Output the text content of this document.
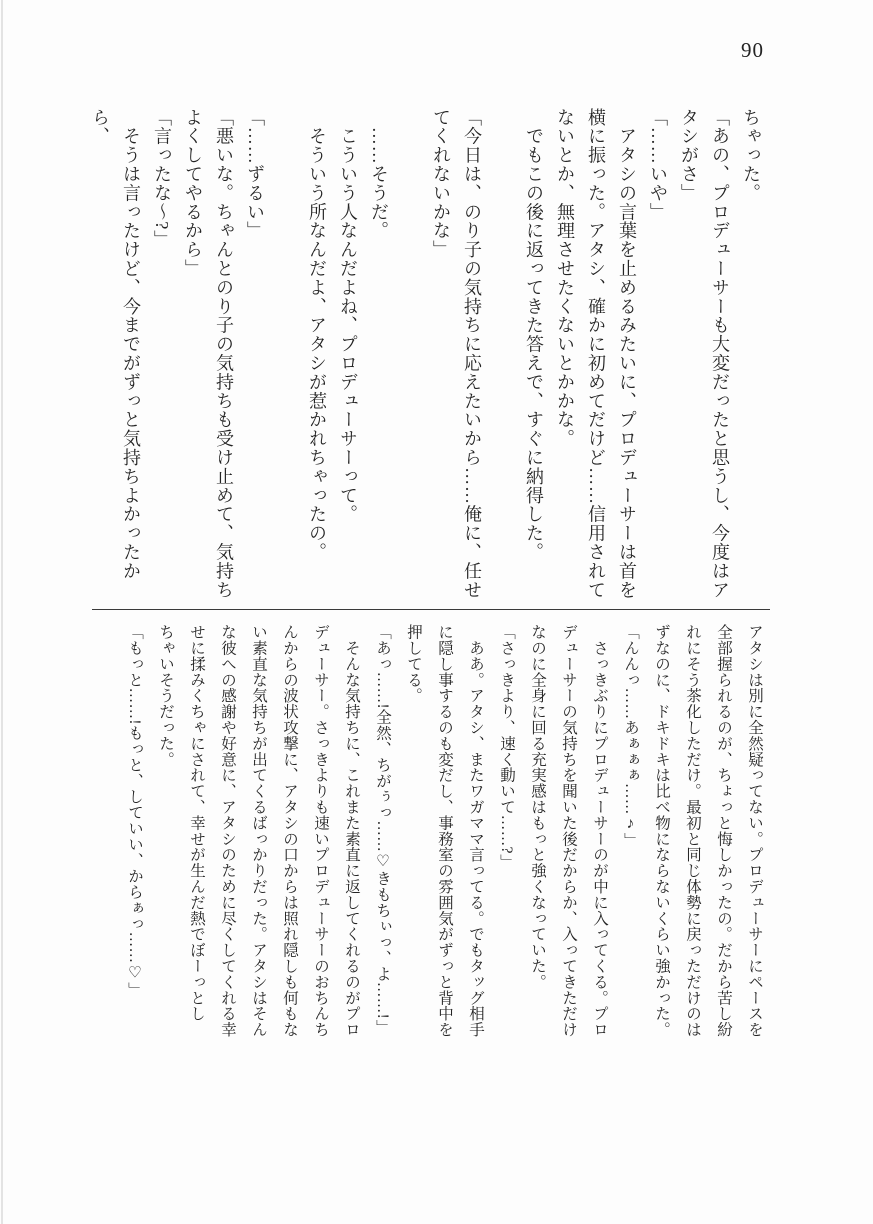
90

ちゃった。

「あの、プロデューサーも大変だったと思うし、今度はア

タシがさ」

「……いや」

　アタシの言葉を止めるみたいに、プロデューサーは首を

横に振った。アタシ、確かに初めてだけど……信用されて

ないとか、無理させたくないとかかな。

　でもこの後に返ってきた答えで、すぐに納得した。

「今日は、のり子の気持ちに応えたいから……俺に、任せ

てくれないかな」

　……そうだ。

　こういう人なんだよね、プロデューサーって。

　そういう所なんだよ、アタシが惹かれちゃったの。

「……ずるい」

「悪いな。ちゃんとのり子の気持ちも受け止めて、気持ち

よくしてやるから」

「言ったな〜?」

　そうは言ったけど、今までがずっと気持ちよかったから、

アタシは別に全然疑ってない。プロデューサーにペースを

全部握られるのが、ちょっと悔しかったの。だから苦し紛

れにそう茶化しただけ。最初と同じ体勢に戻っただけのは

ずなのに、ドキドキは比べ物にならないくらい強かった。

「んんっ……あぁぁぁ……♪」

　さっきぶりにプロデューサーのが中に入ってくる。プロ

デューサーの気持ちを聞いた後だからか、入ってきただけ

なのに全身に回る充実感はもっと強くなっていた。

「さっきより、速く動いて……?」

　ああ。アタシ、またワガママ言ってる。でもタッグ相手

に隠し事するのも変だし、事務室の雰囲気がずっと背中を

押してる。

「あっ……!全然、ちがぅっ……♡きもちぃっ、よ……!」

　そんな気持ちに、これまた素直に返してくれるのがプロ

デューサー。さっきよりも速いプロデューサーのおちんち

んからの波状攻撃に、アタシの口からは照れ隠しも何もな

い素直な気持ちが出てくるばっかりだった。アタシはそん

な彼への感謝や好意に、アタシのために尽くしてくれる幸

せに揉みくちゃにされて、幸せが生んだ熱でぼーっとし

ちゃいそうだった。

「もっと……!もっと、していい、からぁっ……♡」
